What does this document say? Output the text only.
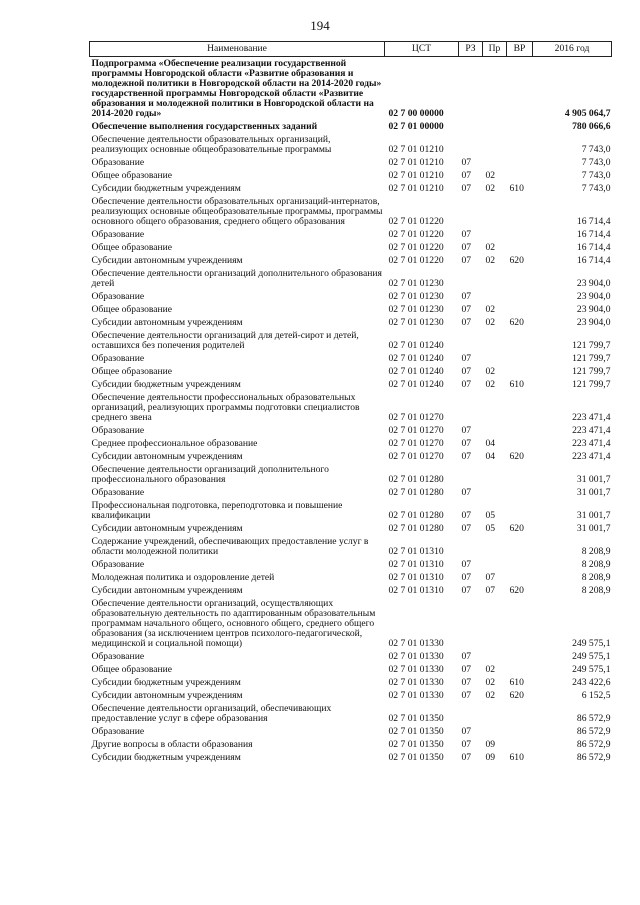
194
Наименование	ЦСТ	РЗ	Пр	ВР	2016 год
Подпрограмма «Обеспечение реализации государственной программы Новгородской области «Развитие образования и молодежной политики в Новгородской области на 2014-2020 годы» государственной программы Новгородской области «Развитие образования и молодежной политики в Новгородской области на 2014-2020 годы»	02 7 00 00000				4 905 064,7
Обеспечение выполнения государственных заданий	02 7 01 00000				780 066,6
Обеспечение деятельности образовательных организаций, реализующих основные общеобразовательные программы	02 7 01 01210				7 743,0
Образование	02 7 01 01210	07			7 743,0
Общее образование	02 7 01 01210	07	02		7 743,0
Субсидии бюджетным учреждениям	02 7 01 01210	07	02	610	7 743,0
Обеспечение деятельности образовательных организаций-интернатов, реализующих основные общеобразовательные программы, программы основного общего образования, среднего общего образования	02 7 01 01220				16 714,4
Образование	02 7 01 01220	07			16 714,4
Общее образование	02 7 01 01220	07	02		16 714,4
Субсидии автономным учреждениям	02 7 01 01220	07	02	620	16 714,4
Обеспечение деятельности организаций дополнительного образования детей	02 7 01 01230				23 904,0
Образование	02 7 01 01230	07			23 904,0
Общее образование	02 7 01 01230	07	02		23 904,0
Субсидии автономным учреждениям	02 7 01 01230	07	02	620	23 904,0
Обеспечение деятельности организаций для детей-сирот и детей, оставшихся без попечения родителей	02 7 01 01240				121 799,7
Образование	02 7 01 01240	07			121 799,7
Общее образование	02 7 01 01240	07	02		121 799,7
Субсидии бюджетным учреждениям	02 7 01 01240	07	02	610	121 799,7
Обеспечение деятельности профессиональных образовательных организаций, реализующих программы подготовки специалистов среднего звена	02 7 01 01270				223 471,4
Образование	02 7 01 01270	07			223 471,4
Среднее профессиональное образование	02 7 01 01270	07	04		223 471,4
Субсидии автономным учреждениям	02 7 01 01270	07	04	620	223 471,4
Обеспечение деятельности организаций дополнительного профессионального образования	02 7 01 01280				31 001,7
Образование	02 7 01 01280	07			31 001,7
Профессиональная подготовка, переподготовка и повышение квалификации	02 7 01 01280	07	05		31 001,7
Субсидии автономным учреждениям	02 7 01 01280	07	05	620	31 001,7
Содержание учреждений, обеспечивающих предоставление услуг в области молодежной политики	02 7 01 01310				8 208,9
Образование	02 7 01 01310	07			8 208,9
Молодежная политика и оздоровление детей	02 7 01 01310	07	07		8 208,9
Субсидии автономным учреждениям	02 7 01 01310	07	07	620	8 208,9
Обеспечение деятельности организаций, осуществляющих образовательную деятельность по адаптированным образовательным программам начального общего, основного общего, среднего общего образования (за исключением центров психолого-педагогической, медицинской и социальной помощи)	02 7 01 01330				249 575,1
Образование	02 7 01 01330	07			249 575,1
Общее образование	02 7 01 01330	07	02		249 575,1
Субсидии бюджетным учреждениям	02 7 01 01330	07	02	610	243 422,6
Субсидии автономным учреждениям	02 7 01 01330	07	02	620	6 152,5
Обеспечение деятельности организаций, обеспечивающих предоставление услуг в сфере образования	02 7 01 01350				86 572,9
Образование	02 7 01 01350	07			86 572,9
Другие вопросы в области образования	02 7 01 01350	07	09		86 572,9
Субсидии бюджетным учреждениям	02 7 01 01350	07	09	610	86 572,9
